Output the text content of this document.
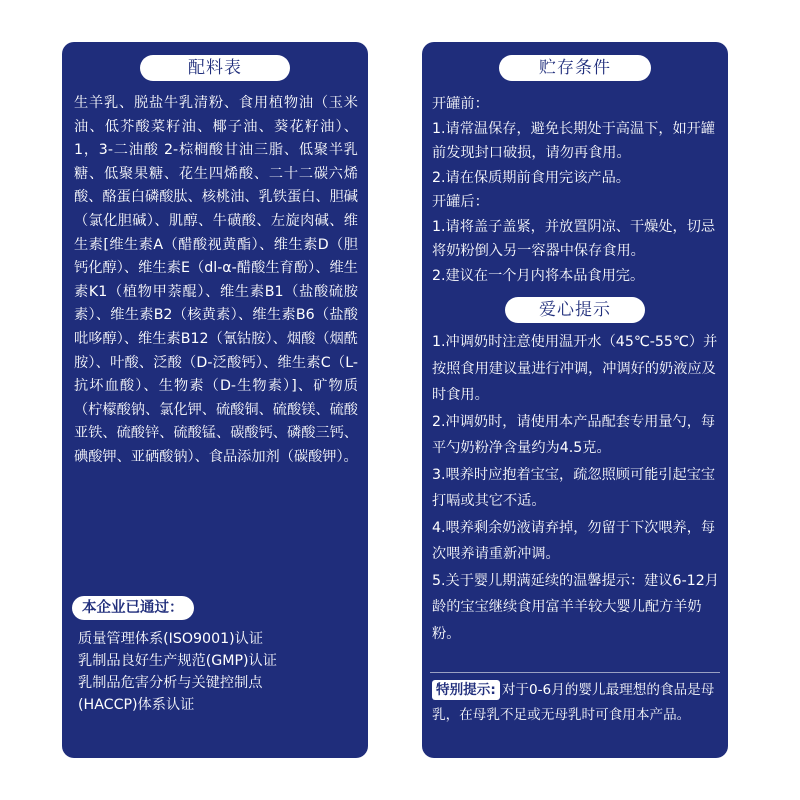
配料表
生羊乳、脱盐牛乳清粉、食用植物油（玉米油、低芥酸菜籽油、椰子油、葵花籽油）、1，3-二油酸 2-棕榈酸甘油三脂、低聚半乳糖、低聚果糖、花生四烯酸、二十二碳六烯酸、酪蛋白磷酸肽、核桃油、乳铁蛋白、胆碱（氯化胆碱）、肌醇、牛磺酸、左旋肉碱、维生素[维生素A（醋酸视黄酯）、维生素D（胆钙化醇）、维生素E（dl-α-醋酸生育酚）、维生素K1（植物甲萘醌）、维生素B1（盐酸硫胺素）、维生素B2（核黄素）、维生素B6（盐酸吡哆醇）、维生素B12（氰钴胺）、烟酸（烟酰胺）、叶酸、泛酸（D-泛酸钙）、维生素C（L-抗坏血酸）、生物素（D-生物素）]、矿物质（柠檬酸钠、氯化钾、硫酸铜、硫酸镁、硫酸亚铁、硫酸锌、硫酸锰、碳酸钙、磷酸三钙、碘酸钾、亚硒酸钠）、食品添加剂（碳酸钾）。
本企业已通过：
质量管理体系(ISO9001)认证
乳制品良好生产规范(GMP)认证
乳制品危害分析与关键控制点
(HACCP)体系认证
贮存条件
开罐前：
1.请常温保存，避免长期处于高温下，如开罐前发现封口破损，请勿再食用。
2.请在保质期前食用完该产品。
开罐后：
1.请将盖子盖紧，并放置阴凉、干燥处，切忌将奶粉倒入另一容器中保存食用。
2.建议在一个月内将本品食用完。
爱心提示
1.冲调奶时注意使用温开水（45℃-55℃）并按照食用建议量进行冲调，冲调好的奶液应及时食用。
2.冲调奶时，请使用本产品配套专用量勺，每平勺奶粉净含量约为4.5克。
3.喂养时应抱着宝宝，疏忽照顾可能引起宝宝打嗝或其它不适。
4.喂养剩余奶液请弃掉，勿留于下次喂养，每次喂养请重新冲调。
5.关于婴儿期满延续的温馨提示：建议6-12月龄的宝宝继续食用富羊羊较大婴儿配方羊奶粉。
特别提示: 对于0-6月的婴儿最理想的食品是母乳，在母乳不足或无母乳时可食用本产品。
